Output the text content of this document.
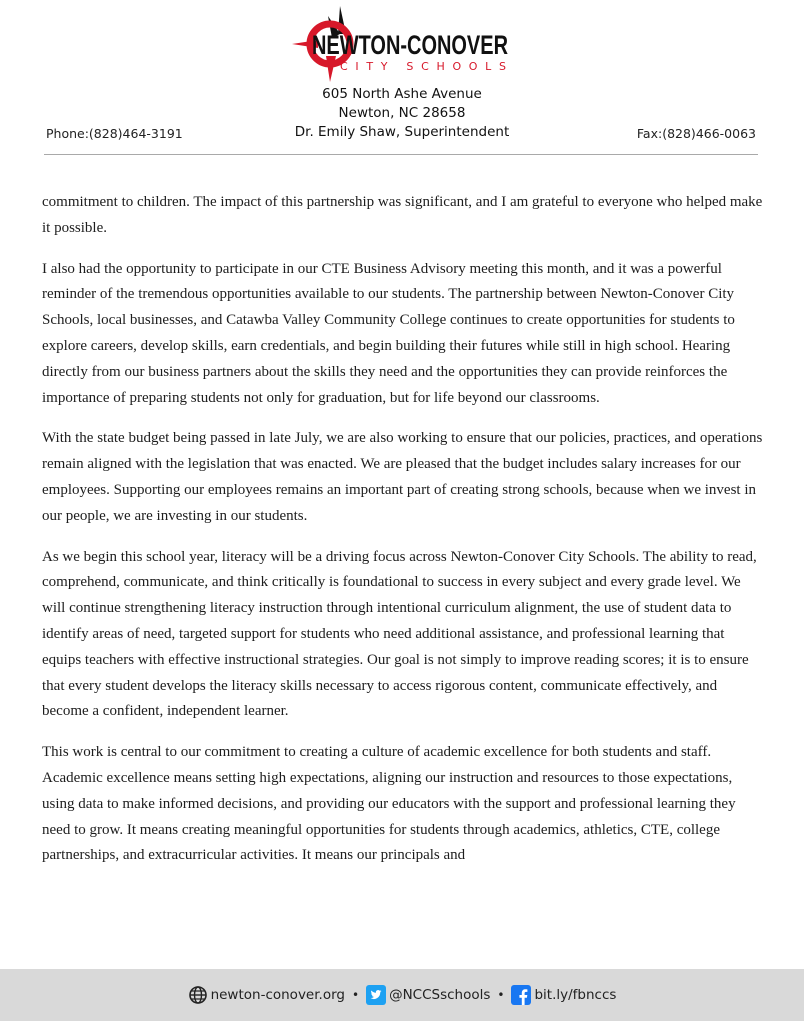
NEWTON-CONOVER
CITY SCHOOLS
605 North Ashe Avenue
Newton, NC 28658
Dr. Emily Shaw, Superintendent
Phone:(828)464-3191	Fax:(828)466-0063

commitment to children. The impact of this partnership was significant, and I am grateful to everyone who helped make it possible.

I also had the opportunity to participate in our CTE Business Advisory meeting this month, and it was a powerful reminder of the tremendous opportunities available to our students. The partnership between Newton-Conover City Schools, local businesses, and Catawba Valley Community College continues to create opportunities for students to explore careers, develop skills, earn credentials, and begin building their futures while still in high school. Hearing directly from our business partners about the skills they need and the opportunities they can provide reinforces the importance of preparing students not only for graduation, but for life beyond our classrooms.

With the state budget being passed in late July, we are also working to ensure that our policies, practices, and operations remain aligned with the legislation that was enacted. We are pleased that the budget includes salary increases for our employees. Supporting our employees remains an important part of creating strong schools, because when we invest in our people, we are investing in our students.

As we begin this school year, literacy will be a driving focus across Newton-Conover City Schools. The ability to read, comprehend, communicate, and think critically is foundational to success in every subject and every grade level. We will continue strengthening literacy instruction through intentional curriculum alignment, the use of student data to identify areas of need, targeted support for students who need additional assistance, and professional learning that equips teachers with effective instructional strategies. Our goal is not simply to improve reading scores; it is to ensure that every student develops the literacy skills necessary to access rigorous content, communicate effectively, and become a confident, independent learner.

This work is central to our commitment to creating a culture of academic excellence for both students and staff. Academic excellence means setting high expectations, aligning our instruction and resources to those expectations, using data to make informed decisions, and providing our educators with the support and professional learning they need to grow. It means creating meaningful opportunities for students through academics, athletics, CTE, college partnerships, and extracurricular activities. It means our principals and

newton-conover.org • @NCCSschools • bit.ly/fbnccs
